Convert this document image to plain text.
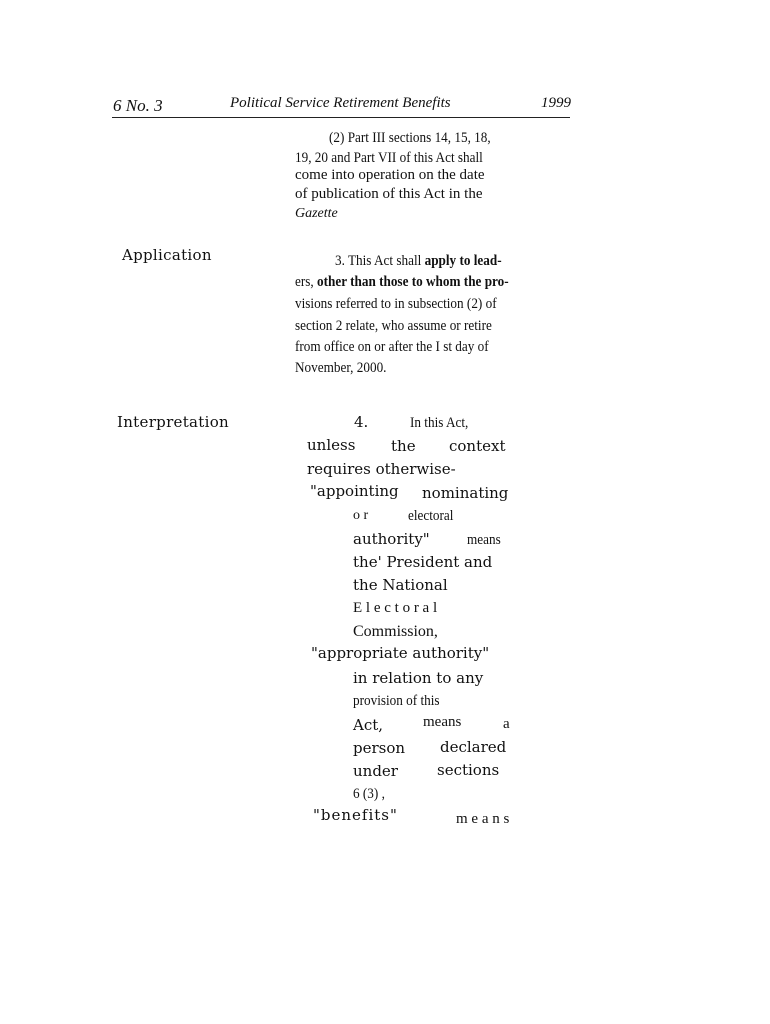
6 No. 3	Political Service Retirement Benefits	1999
(2) Part III sections 14, 15, 18,
19, 20 and Part VII of this Act shall
come into operation on the date
of publication of this Act in the
Gazette
Application	3. This Act shall apply to lead-
ers, other than those to whom the pro-
visions referred to in subsection (2) of
section 2 relate, who assume or retire
from office on or after the I st day of
November, 2000.
Interpretation	4.	In this Act,
unless the context
requires otherwise-
"appointing nominating
o r	electoral
authority" means
the' President and
the National
E l e c t o r a l
Commission,
"appropriate authority"
in relation to any
provision of this
Act,	means	a
person declared
under	sections
6 (3) ,
"benefits"	m e a n s
